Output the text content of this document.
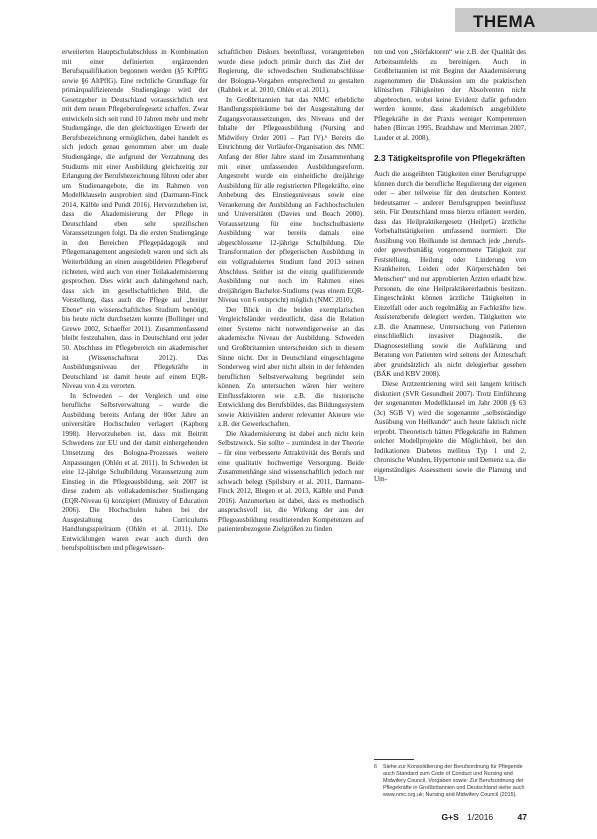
THEMA

erweiterten Hauptschulabschluss in Kombination mit einer definierten ergänzenden Berufsqualifikation begonnen werden (§5 KrPflG sowie §6 AltPflG). Eine rechtliche Grundlage für primärqualifizierende Studiengänge wird der Gesetzgeber in Deutschland voraussichtlich erst mit dem neuen Pflegeberufegesetz schaffen. Zwar entwickeln sich seit rund 10 Jahren mehr und mehr Studiengänge, die den gleichzeitigen Erwerb der Berufsbezeichnung ermöglichen, dabei handelt es sich jedoch genau genommen aber um duale Studiengänge, die aufgrund der Verzahnung des Studiums mit einer Ausbildung gleichzeitig zur Erlangung der Berufsbezeichnung führen oder aber um Studienangebote, die im Rahmen von Modellklauseln ausprobiert sind (Darmann-Finck 2014, Kälble und Pundt 2016). Hervorzuheben ist, dass die Akademisierung der Pflege in Deutschland eben sehr spezifischen Voraussetzungen folgt. Da die ersten Studiengänge in den Bereichen Pflegepädagogik und Pflegemanagement angesiedelt waren und sich als Weiterbildung an einen ausgebildeten Pflegeberuf richteten, wird auch von einer Teilakademisierung gesprochen. Dies wirkt auch dahingehend nach, dass sich im gesellschaftlichen Bild, die Vorstellung, dass auch die Pflege auf „breiter Ebene“ ein wissenschaftliches Studium benötigt, bis heute nicht durchsetzen konnte (Bollinger und Grewe 2002, Schaeffer 2011). Zusammenfassend bleibt festzuhalten, dass in Deutschland erst jeder 50. Abschluss im Pflegebereich ein akademischer ist (Wissenschaftsrat 2012). Das Ausbildungsniveau der Pflegekräfte in Deutschland ist damit heute auf einem EQR-Niveau von 4 zu verorten.

In Schweden – der Vergleich und eine berufliche Selbstverwaltung – wurde die Ausbildung bereits Anfang der 80er Jahre an universitäre Hochschulen verlagert (Kapborg 1998). Hervorzuheben ist, dass mit Beitritt Schwedens zur EU und der damit einhergehenden Umsetzung des Bologna-Prozesses weitere Anpassungen (Ohlén et al. 2011). In Schweden ist eine 12-jährige Schulbildung Voraussetzung zum Einstieg in die Pflegeausbildung, seit 2007 ist diese zudem als vollakademischer Studiengang (EQR-Niveau 6) konzipiert (Ministry of Education 2006). Die Hochschulen haben bei der Ausgestaltung des Curriculums Handlungsspielraum (Ohlén et al. 2011). Die Entwicklungen waren zwar auch durch den berufspolitischen und pflegewissen-

schaftlichen Diskurs beeinflusst, vorangetrieben wurde diese jedoch primär durch das Ziel der Regierung, die schwedischen Studienabschlüsse der Bologna-Vorgaben entsprechend zu gestalten (Rahbek et al. 2010, Ohlén et al. 2011).

In Großbritannien hat das NMC erhebliche Handlungsspielräume bei der Ausgestaltung der Zugangsvoraussetzungen, des Niveaus und der Inhalte der Pflegeausbildung (Nursing and Midwifery Order 2001 – Part IV).⁶ Bereits die Einrichtung der Vorläufer-Organisation des NMC Anfang der 80er Jahre stand im Zusammenhang mit einer umfassenden Ausbildungsreform. Angestrebt wurde ein einheitliche dreijährige Ausbildung für alle registrierten Pflegekräfte, eine Anhebung des Einstiegsniveaus sowie eine Verankerung der Ausbildung an Fachhochschulen und Universitäten (Davies und Beach 2000). Voraussetzung für eine hochschulbasierte Ausbildung war bereits damals eine abgeschlossene 12-jährige Schulbildung. Die Transformation der pflegerischen Ausbildung in ein vollgraduiertes Studium fand 2013 seinen Abschluss. Seither ist die einzig qualifizierende Ausbildung nur noch im Rahmen eines dreijährigen Bachelor-Studiums (was einem EQR-Niveau von 6 entspricht) möglich (NMC 2010).

Der Blick in die beiden exemplarischen Vergleichsländer verdeutlicht, dass die Relation einer Systeme nicht notwendigerweise an das akademische Niveau der Ausbildung. Schweden und Großbritannien unterscheiden sich in diesem Sinne nicht. Der in Deutschland eingeschlagene Sonderweg wird aber nicht allein in der fehlenden beruflichen Selbstverwaltung begründet sein können. Zu untersuchen wären hier weitere Einflussfaktoren wie z.B. die historische Entwicklung des Berufsbildes, das Bildungssystem sowie Aktivitäten anderer relevanter Akteure wie z.B. der Gewerkschaften.

Die Akademisierung ist dabei auch nicht kein Selbstzweck. Sie sollte – zumindest in der Theorie – für eine verbesserte Attraktivität des Berufs und eine qualitativ hochwertige Versorgung. Beide Zusammenhänge sind wissenschaftlich jedoch nur schwach belegt (Spilsbury et al. 2011, Darmann-Finck 2012, Blegen et al. 2013, Kälble und Pundt 2016). Anzumerken ist dabei, dass es methodisch anspruchsvoll ist, die Wirkung der aus der Pflegeausbildung resultierenden Kompetenzen auf patientenbezogene Zielgrößen zu finden

ten und von „Störfaktoren“ wie z.B. der Qualität des Arbeitsumfelds zu bereinigen. Auch in Großbritannien ist mit Beginn der Akademisierung zugenommen die Diskussion um die praktischen klinischen Fähigkeiten der Absolventen nicht abgebrochen, wobei keine Evidenz dafür gefunden werden konnte, dass akademisch ausgebildete Pflegekräfte in der Praxis weniger Kompetenzen haben (Bircan 1995, Bradshaw und Merriman 2007, Lauder et al. 2008).

2.3 Tätigkeitsprofile von Pflegekräften

Auch die ausgeübten Tätigkeiten einer Berufsgruppe können durch die berufliche Regulierung der eigenen oder – aber teilweise für den deutschen Kontext bedeutsamer – anderer Berufsgruppen beeinflusst sein. Für Deutschland muss hierzu erläutert werden, dass das Heilpraktikergesetz (HeilprG) ärztliche Vorbehaltstätigkeiten umfassend normiert: Die Ausübung von Heilkunde ist demnach jede „berufs- oder gewerbsmäßig vorgenommene Tätigkeit zur Feststellung, Heilung oder Linderung von Krankheiten, Leiden oder Körperschäden bei Menschen“ und nur approbierten Ärzten erlaubt bzw. Personen, die eine Heilpraktikererlaubnis besitzen. Eingeschränkt können ärztliche Tätigkeiten in Einzelfall oder auch regelmäßig an Fachkräfte bzw. Assistenzberufe delegiert werden. Tätigkeiten wie z.B. die Anamnese, Untersuchung von Patienten einschließlich invasiver Diagnostik, die Diagnosestellung sowie die Aufklärung und Beratung von Patienten wird seitens der Ärzteschaft aber grundsätzlich als nicht delegierbar gesehen (BÄK und KBV 2008).

Diese Arztzentrierung wird seit langem kritisch diskutiert (SVR Gesundheit 2007). Trotz Einführung der sogenannten Modellklausel im Jahr 2008 (§ 63 (3c) SGB V) wird die sogenannte „selbstständige Ausübung von Heilkunde“ auch heute faktisch nicht erprobt. Theoretisch hätten Pflegekräfte im Rahmen solcher Modellprojekte die Möglichkeit, bei den Indikationen Diabetes mellitus Typ 1 und 2, chronische Wunden, Hypertonie und Demenz u.a. die eigenständiges Assessment sowie die Planung und Um-

6	Siehe zur Konsolidierung der Berufsordnung für Pflegende auch Standard zum Code of Conduct und Nursing and Midwifery Council, Vorgaben sowie: Zur Berufsordnung der Pflegekräfte in Großbritannien und Deutschland siehe auch www.nmc.org.uk; Nursing and Midwifery Council (2015).
G+S 1/2016	47
